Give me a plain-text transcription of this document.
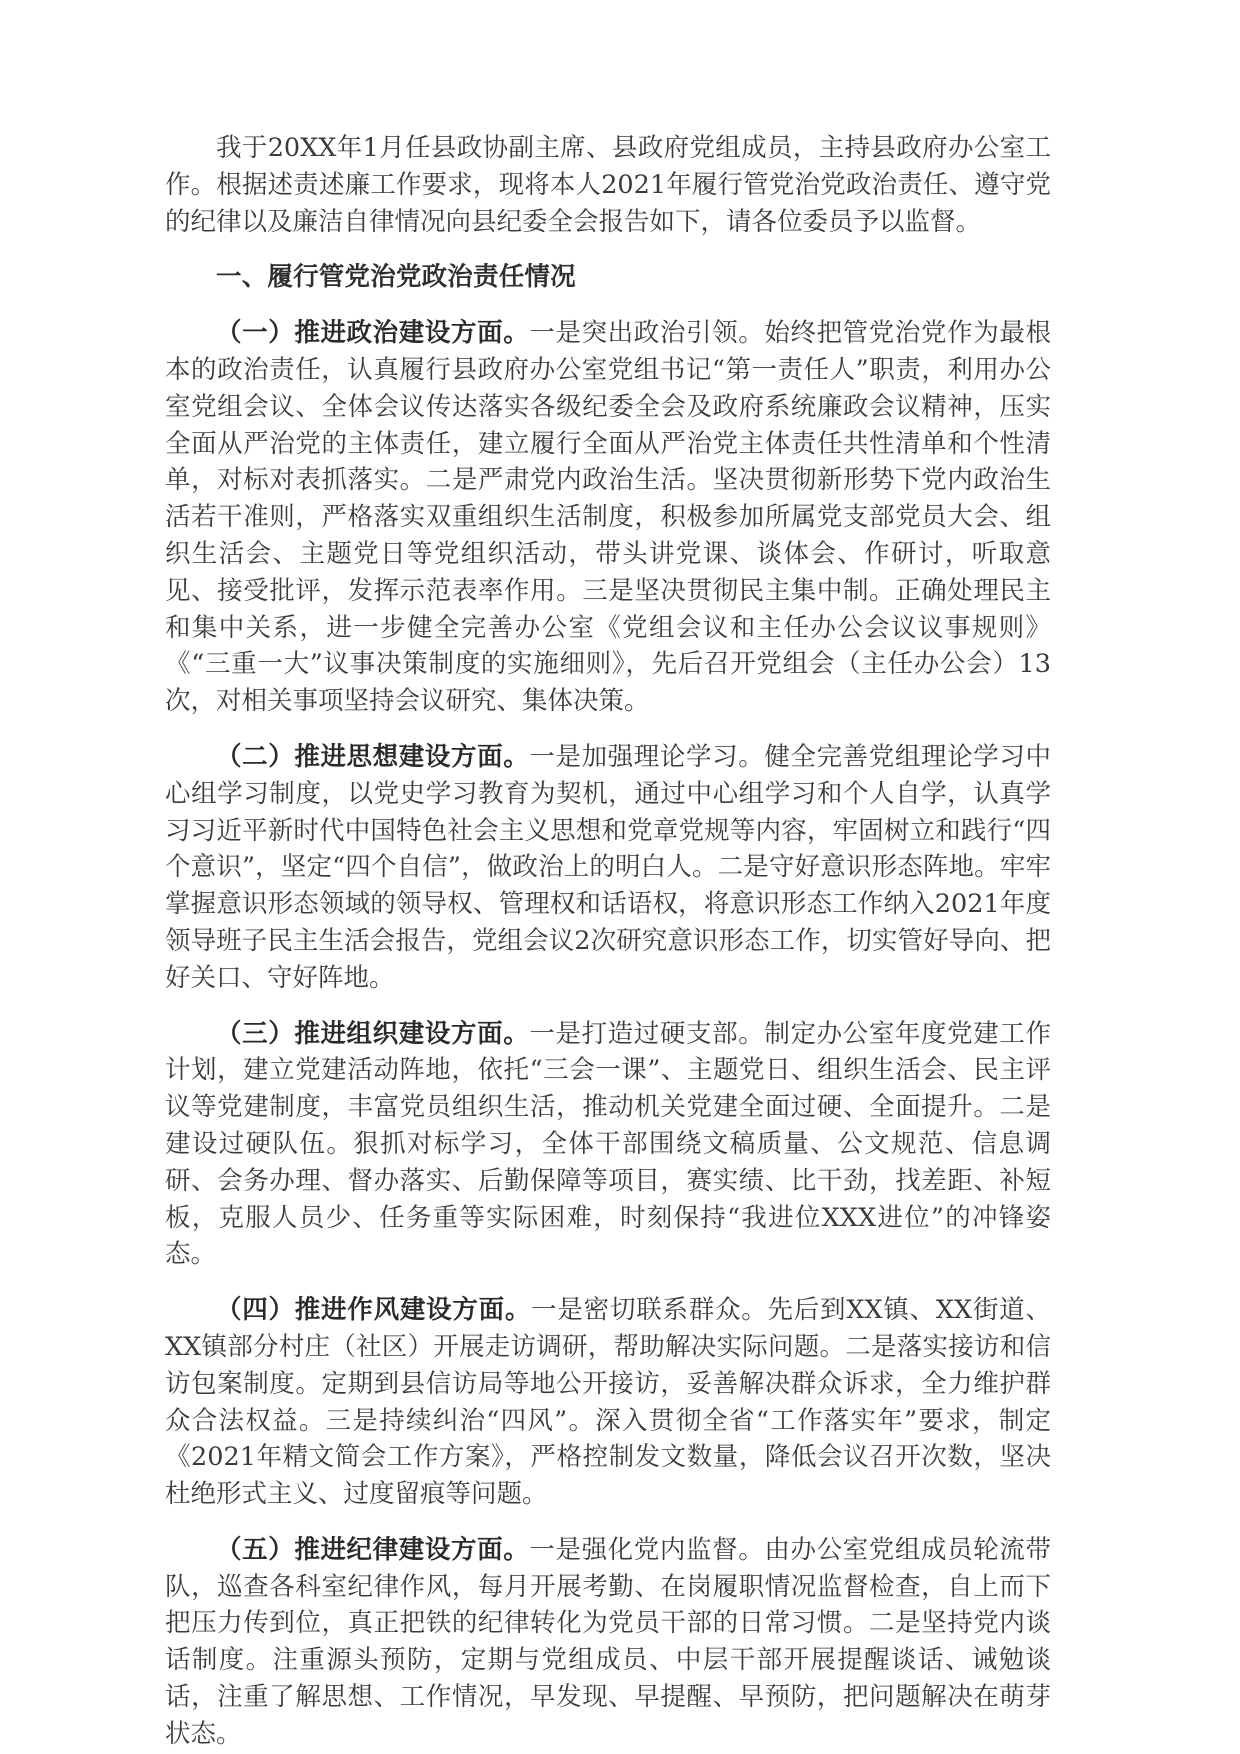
我于20XX年1月任县政协副主席、县政府党组成员，主持县政府办公室工作。根据述责述廉工作要求，现将本人2021年履行管党治党政治责任、遵守党的纪律以及廉洁自律情况向县纪委全会报告如下，请各位委员予以监督。

一、履行管党治党政治责任情况

（一）推进政治建设方面。一是突出政治引领。始终把管党治党作为最根本的政治责任，认真履行县政府办公室党组书记“第一责任人”职责，利用办公室党组会议、全体会议传达落实各级纪委全会及政府系统廉政会议精神，压实全面从严治党的主体责任，建立履行全面从严治党主体责任共性清单和个性清单，对标对表抓落实。二是严肃党内政治生活。坚决贯彻新形势下党内政治生活若干准则，严格落实双重组织生活制度，积极参加所属党支部党员大会、组织生活会、主题党日等党组织活动，带头讲党课、谈体会、作研讨，听取意见、接受批评，发挥示范表率作用。三是坚决贯彻民主集中制。正确处理民主和集中关系，进一步健全完善办公室《党组会议和主任办公会议议事规则》《“三重一大”议事决策制度的实施细则》，先后召开党组会（主任办公会）13次，对相关事项坚持会议研究、集体决策。

（二）推进思想建设方面。一是加强理论学习。健全完善党组理论学习中心组学习制度，以党史学习教育为契机，通过中心组学习和个人自学，认真学习习近平新时代中国特色社会主义思想和党章党规等内容，牢固树立和践行“四个意识”，坚定“四个自信”，做政治上的明白人。二是守好意识形态阵地。牢牢掌握意识形态领域的领导权、管理权和话语权，将意识形态工作纳入2021年度领导班子民主生活会报告，党组会议2次研究意识形态工作，切实管好导向、把好关口、守好阵地。

（三）推进组织建设方面。一是打造过硬支部。制定办公室年度党建工作计划，建立党建活动阵地，依托“三会一课”、主题党日、组织生活会、民主评议等党建制度，丰富党员组织生活，推动机关党建全面过硬、全面提升。二是建设过硬队伍。狠抓对标学习，全体干部围绕文稿质量、公文规范、信息调研、会务办理、督办落实、后勤保障等项目，赛实绩、比干劲，找差距、补短板，克服人员少、任务重等实际困难，时刻保持“我进位XXX进位”的冲锋姿态。

（四）推进作风建设方面。一是密切联系群众。先后到XX镇、XX街道、XX镇部分村庄（社区）开展走访调研，帮助解决实际问题。二是落实接访和信访包案制度。定期到县信访局等地公开接访，妥善解决群众诉求，全力维护群众合法权益。三是持续纠治“四风”。深入贯彻全省“工作落实年”要求，制定《2021年精文简会工作方案》，严格控制发文数量，降低会议召开次数，坚决杜绝形式主义、过度留痕等问题。

（五）推进纪律建设方面。一是强化党内监督。由办公室党组成员轮流带队，巡查各科室纪律作风，每月开展考勤、在岗履职情况监督检查，自上而下把压力传到位，真正把铁的纪律转化为党员干部的日常习惯。二是坚持党内谈话制度。注重源头预防，定期与党组成员、中层干部开展提醒谈话、诫勉谈话，注重了解思想、工作情况，早发现、早提醒、早预防，把问题解决在萌芽状态。
